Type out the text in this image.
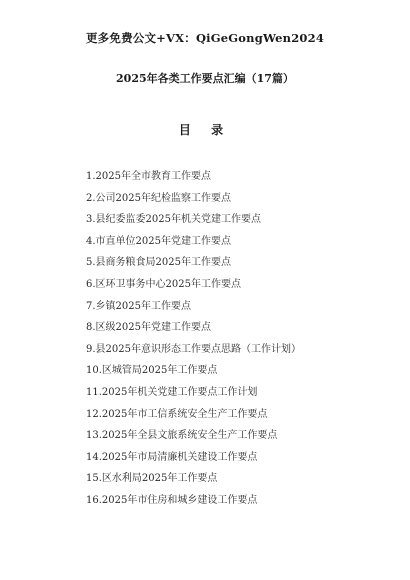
更多免费公文+VX：QiGeGongWen2024
2025年各类工作要点汇编（17篇）
目 录
1.2025年全市教育工作要点
2.公司2025年纪检监察工作要点
3.县纪委监委2025年机关党建工作要点
4.市直单位2025年党建工作要点
5.县商务粮食局2025年工作要点
6.区环卫事务中心2025年工作要点
7.乡镇2025年工作要点
8.区级2025年党建工作要点
9.县2025年意识形态工作要点思路（工作计划）
10.区城管局2025年工作要点
11.2025年机关党建工作要点工作计划
12.2025年市工信系统安全生产工作要点
13.2025年全县文旅系统安全生产工作要点
14.2025年市局清廉机关建设工作要点
15.区水利局2025年工作要点
16.2025年市住房和城乡建设工作要点
